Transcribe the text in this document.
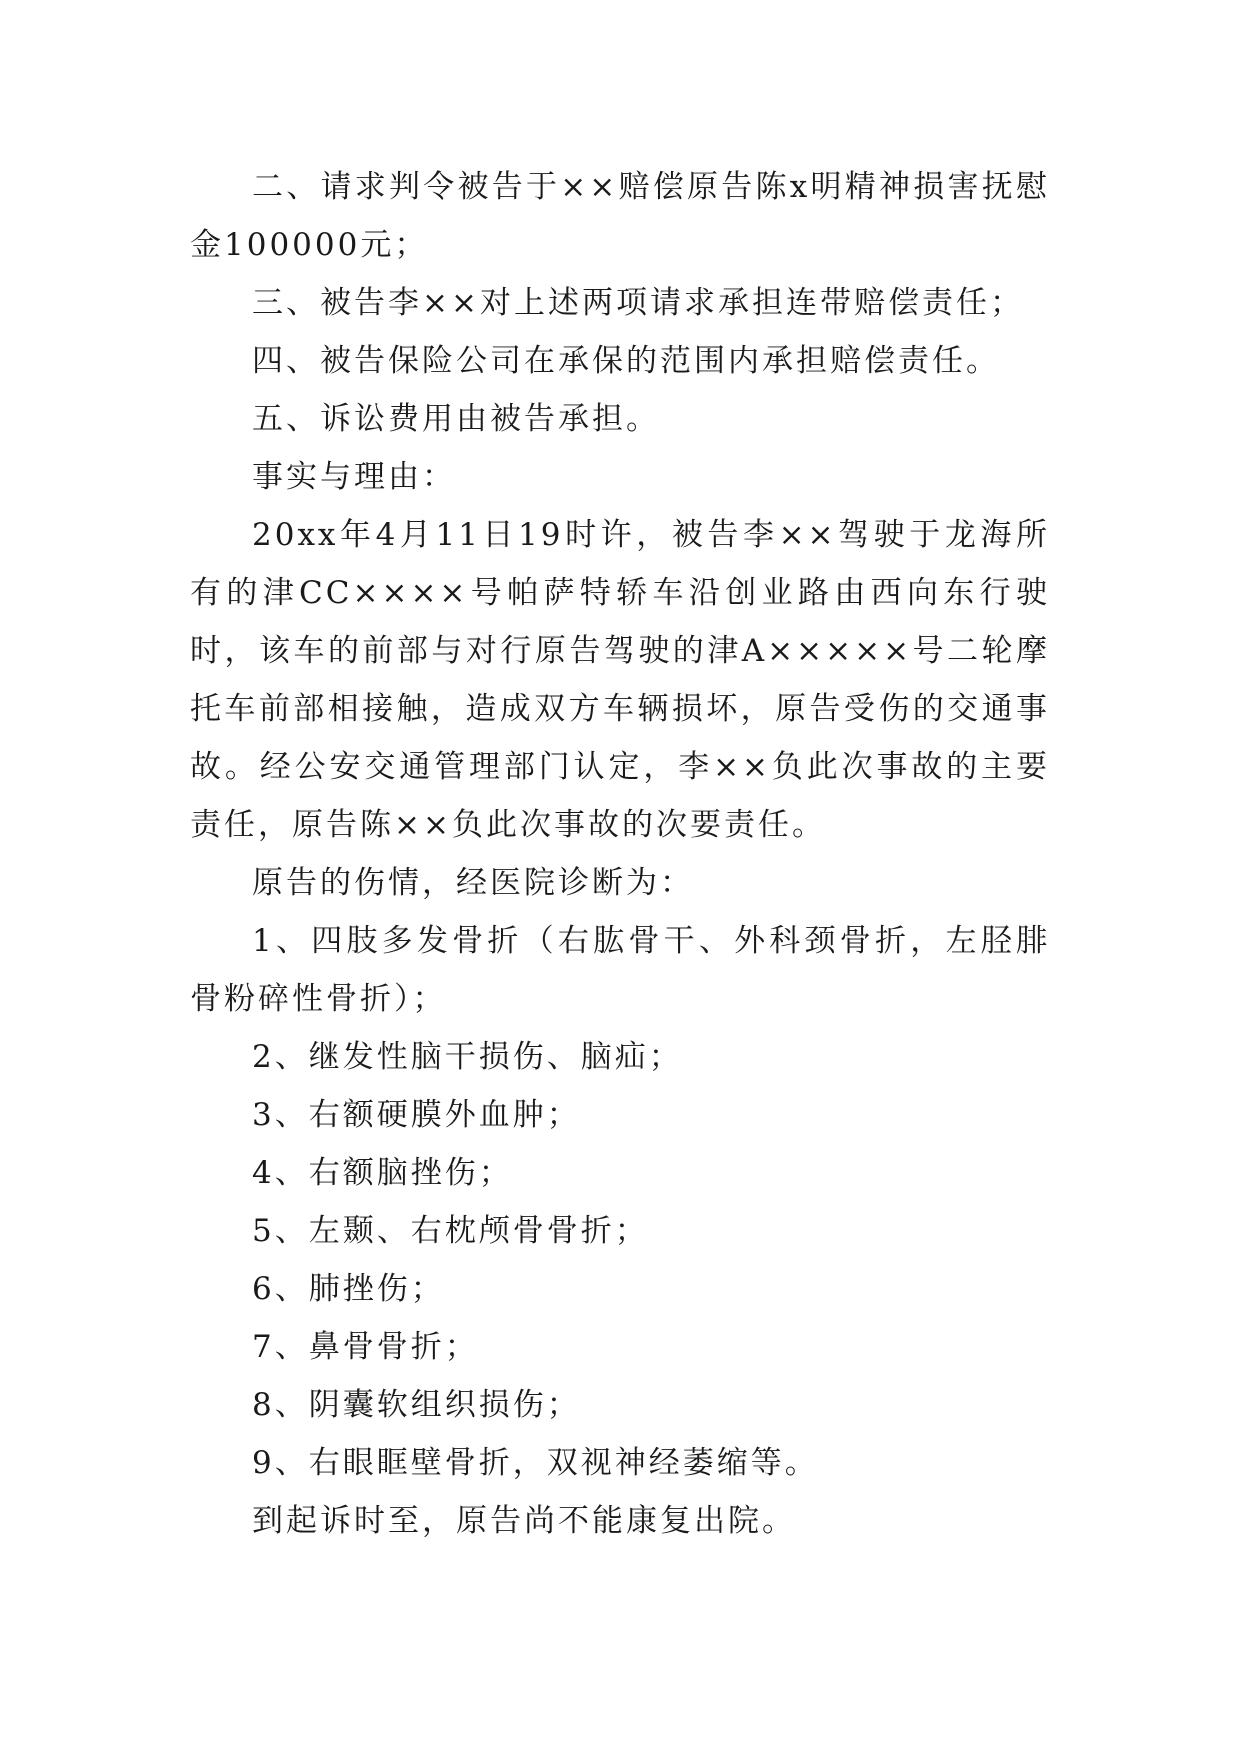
二、请求判令被告于××赔偿原告陈x明精神损害抚慰金100000元；

三、被告李××对上述两项请求承担连带赔偿责任；

四、被告保险公司在承保的范围内承担赔偿责任。

五、诉讼费用由被告承担。

事实与理由：

20xx年4月11日19时许，被告李××驾驶于龙海所有的津CC××××号帕萨特轿车沿创业路由西向东行驶时，该车的前部与对行原告驾驶的津A×××××号二轮摩托车前部相接触，造成双方车辆损坏，原告受伤的交通事故。经公安交通管理部门认定，李××负此次事故的主要责任，原告陈××负此次事故的次要责任。

原告的伤情，经医院诊断为：

1、四肢多发骨折（右肱骨干、外科颈骨折，左胫腓骨粉碎性骨折）；

2、继发性脑干损伤、脑疝；

3、右额硬膜外血肿；

4、右额脑挫伤；

5、左颞、右枕颅骨骨折；

6、肺挫伤；

7、鼻骨骨折；

8、阴囊软组织损伤；

9、右眼眶壁骨折，双视神经萎缩等。

到起诉时至，原告尚不能康复出院。
